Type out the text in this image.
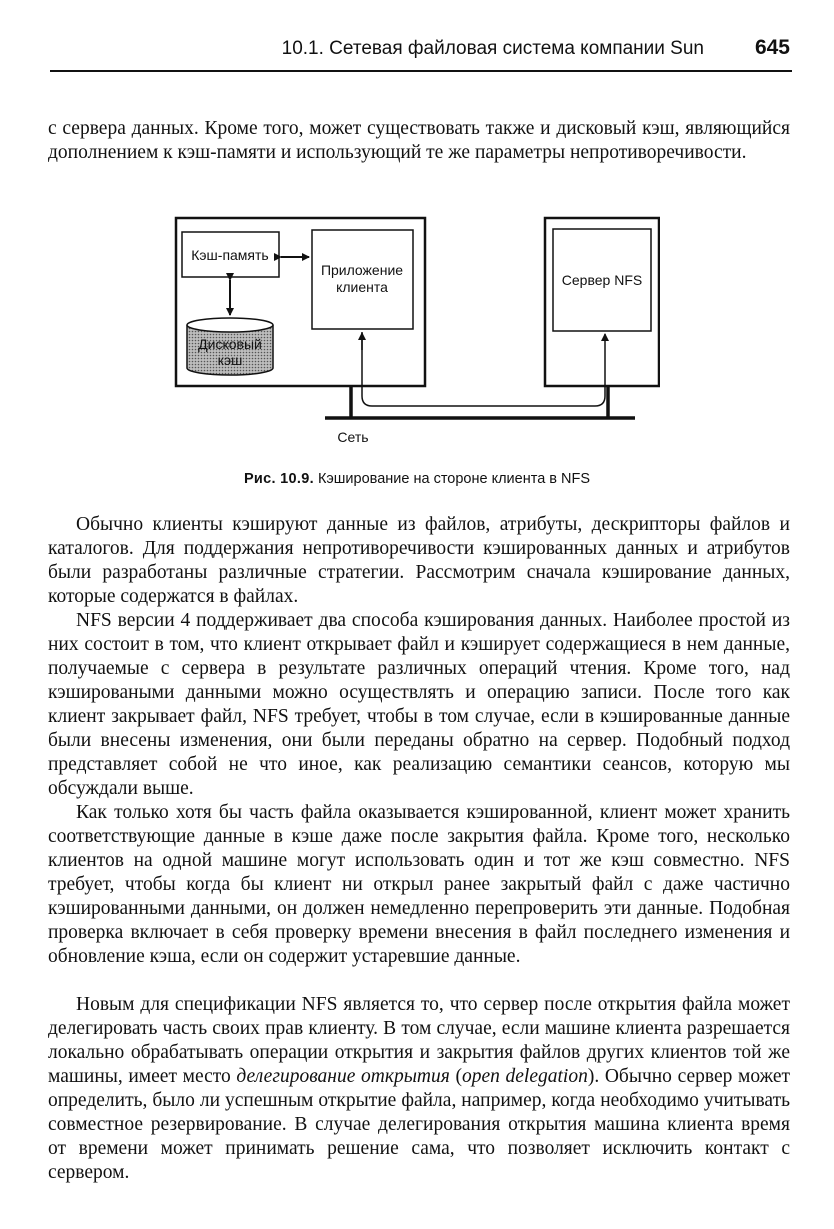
10.1. Сетевая файловая система компании Sun 645

с сервера данных. Кроме того, может существовать также и дисковый кэш, являющийся дополнением к кэш-памяти и использующий те же параметры непротиворечивости.

Кэш-память
Приложение
клиента
Дисковый
кэш
Сервер NFS
Сеть
Рис. 10.9. Кэширование на стороне клиента в NFS

Обычно клиенты кэшируют данные из файлов, атрибуты, дескрипторы файлов и каталогов. Для поддержания непротиворечивости кэшированных данных и атрибутов были разработаны различные стратегии. Рассмотрим сначала кэширование данных, которые содержатся в файлах.

NFS версии 4 поддерживает два способа кэширования данных. Наиболее простой из них состоит в том, что клиент открывает файл и кэширует содержащиеся в нем данные, получаемые с сервера в результате различных операций чтения. Кроме того, над кэшироваными данными можно осуществлять и операцию записи. После того как клиент закрывает файл, NFS требует, чтобы в том случае, если в кэшированные данные были внесены изменения, они были переданы обратно на сервер. Подобный подход представляет собой не что иное, как реализацию семантики сеансов, которую мы обсуждали выше.

Как только хотя бы часть файла оказывается кэшированной, клиент может хранить соответствующие данные в кэше даже после закрытия файла. Кроме того, несколько клиентов на одной машине могут использовать один и тот же кэш совместно. NFS требует, чтобы когда бы клиент ни открыл ранее закрытый файл с даже частично кэшированными данными, он должен немедленно перепроверить эти данные. Подобная проверка включает в себя проверку времени внесения в файл последнего изменения и обновление кэша, если он содержит устаревшие данные.

Новым для спецификации NFS является то, что сервер после открытия файла может делегировать часть своих прав клиенту. В том случае, если машине клиента разрешается локально обрабатывать операции открытия и закрытия файлов других клиентов той же машины, имеет место делегирование открытия (open delegation). Обычно сервер может определить, было ли успешным открытие файла, например, когда необходимо учитывать совместное резервирование. В случае делегирования открытия машина клиента время от времени может принимать решение сама, что позволяет исключить контакт с сервером.
